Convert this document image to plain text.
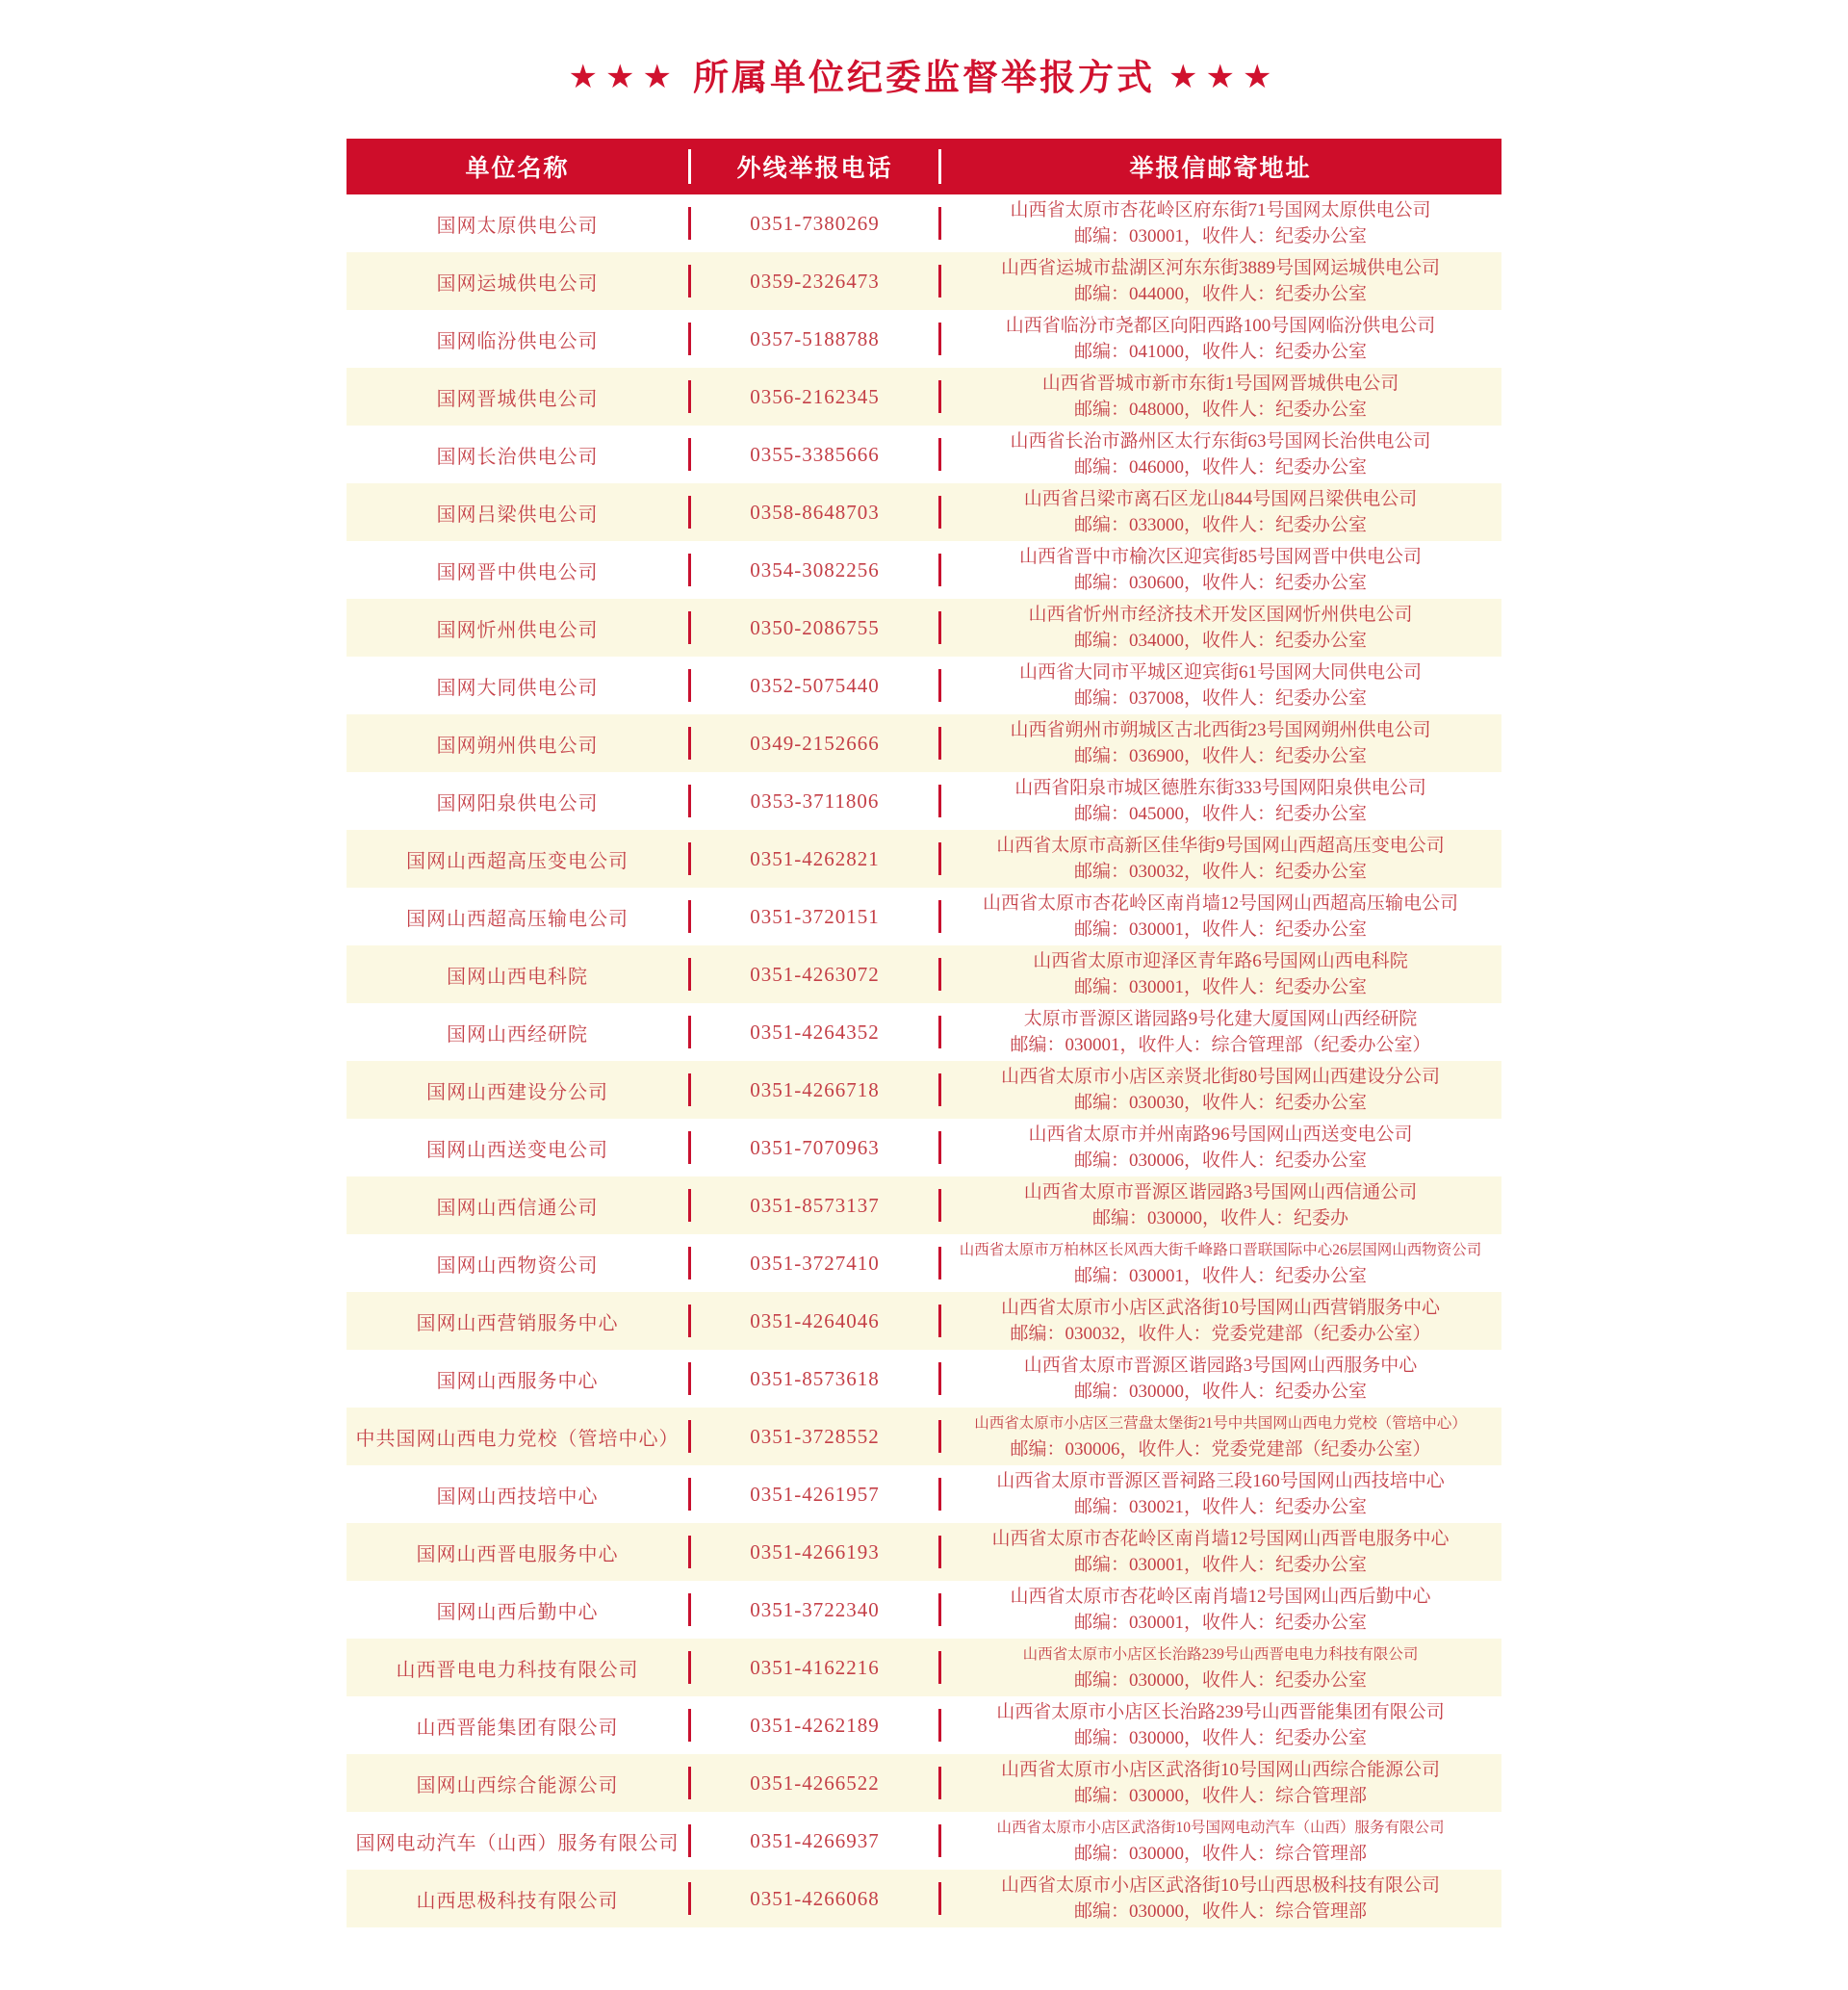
★★★ 所属单位纪委监督举报方式 ★★★
单位名称	外线举报电话	举报信邮寄地址
国网太原供电公司	0351-7380269
山西省太原市杏花岭区府东街71号国网太原供电公司
邮编：030001，收件人：纪委办公室
国网运城供电公司	0359-2326473
山西省运城市盐湖区河东东街3889号国网运城供电公司
邮编：044000，收件人：纪委办公室
国网临汾供电公司	0357-5188788
山西省临汾市尧都区向阳西路100号国网临汾供电公司
邮编：041000，收件人：纪委办公室
国网晋城供电公司	0356-2162345
山西省晋城市新市东街1号国网晋城供电公司
邮编：048000，收件人：纪委办公室
国网长治供电公司	0355-3385666
山西省长治市潞州区太行东街63号国网长治供电公司
邮编：046000，收件人：纪委办公室
国网吕梁供电公司	0358-8648703
山西省吕梁市离石区龙山844号国网吕梁供电公司
邮编：033000，收件人：纪委办公室
国网晋中供电公司	0354-3082256
山西省晋中市榆次区迎宾街85号国网晋中供电公司
邮编：030600，收件人：纪委办公室
国网忻州供电公司	0350-2086755
山西省忻州市经济技术开发区国网忻州供电公司
邮编：034000，收件人：纪委办公室
国网大同供电公司	0352-5075440
山西省大同市平城区迎宾街61号国网大同供电公司
邮编：037008，收件人：纪委办公室
国网朔州供电公司	0349-2152666
山西省朔州市朔城区古北西街23号国网朔州供电公司
邮编：036900，收件人：纪委办公室
国网阳泉供电公司	0353-3711806
山西省阳泉市城区德胜东街333号国网阳泉供电公司
邮编：045000，收件人：纪委办公室
国网山西超高压变电公司	0351-4262821
山西省太原市高新区佳华街9号国网山西超高压变电公司
邮编：030032，收件人：纪委办公室
国网山西超高压输电公司	0351-3720151
山西省太原市杏花岭区南肖墙12号国网山西超高压输电公司
邮编：030001，收件人：纪委办公室
国网山西电科院	0351-4263072
山西省太原市迎泽区青年路6号国网山西电科院
邮编：030001，收件人：纪委办公室
国网山西经研院	0351-4264352
太原市晋源区谐园路9号化建大厦国网山西经研院
邮编：030001，收件人：综合管理部（纪委办公室）
国网山西建设分公司	0351-4266718
山西省太原市小店区亲贤北街80号国网山西建设分公司
邮编：030030，收件人：纪委办公室
国网山西送变电公司	0351-7070963
山西省太原市并州南路96号国网山西送变电公司
邮编：030006，收件人：纪委办公室
国网山西信通公司	0351-8573137
山西省太原市晋源区谐园路3号国网山西信通公司
邮编：030000，收件人：纪委办
国网山西物资公司	0351-3727410
山西省太原市万柏林区长风西大街千峰路口晋联国际中心26层国网山西物资公司
邮编：030001，收件人：纪委办公室
国网山西营销服务中心	0351-4264046
山西省太原市小店区武洛街10号国网山西营销服务中心
邮编：030032，收件人：党委党建部（纪委办公室）
国网山西服务中心	0351-8573618
山西省太原市晋源区谐园路3号国网山西服务中心
邮编：030000，收件人：纪委办公室
中共国网山西电力党校（管培中心）	0351-3728552
山西省太原市小店区三营盘太堡街21号中共国网山西电力党校（管培中心）
邮编：030006，收件人：党委党建部（纪委办公室）
国网山西技培中心	0351-4261957
山西省太原市晋源区晋祠路三段160号国网山西技培中心
邮编：030021，收件人：纪委办公室
国网山西晋电服务中心	0351-4266193
山西省太原市杏花岭区南肖墙12号国网山西晋电服务中心
邮编：030001，收件人：纪委办公室
国网山西后勤中心	0351-3722340
山西省太原市杏花岭区南肖墙12号国网山西后勤中心
邮编：030001，收件人：纪委办公室
山西晋电电力科技有限公司	0351-4162216
山西省太原市小店区长治路239号山西晋电电力科技有限公司
邮编：030000，收件人：纪委办公室
山西晋能集团有限公司	0351-4262189
山西省太原市小店区长治路239号山西晋能集团有限公司
邮编：030000，收件人：纪委办公室
国网山西综合能源公司	0351-4266522
山西省太原市小店区武洛街10号国网山西综合能源公司
邮编：030000，收件人：综合管理部
国网电动汽车（山西）服务有限公司	0351-4266937
山西省太原市小店区武洛街10号国网电动汽车（山西）服务有限公司
邮编：030000，收件人：综合管理部
山西思极科技有限公司	0351-4266068
山西省太原市小店区武洛街10号山西思极科技有限公司
邮编：030000，收件人：综合管理部
